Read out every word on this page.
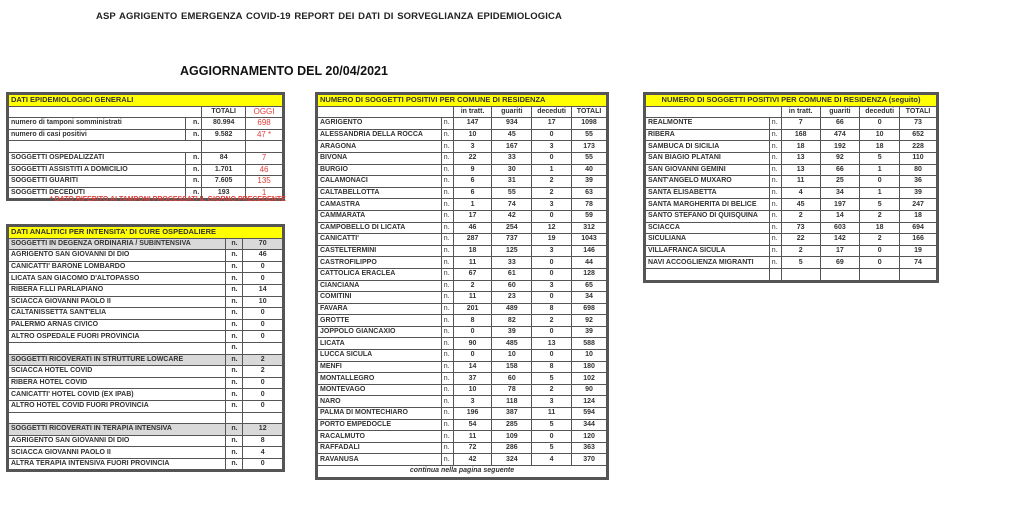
ASP AGRIGENTO EMERGENZA COVID-19 REPORT DEI DATI DI SORVEGLIANZA EPIDEMIOLOGICA
AGGIORNAMENTO DEL 20/04/2021
DATI EPIDEMIOLOGICI GENERALI			
		TOTALI	OGGI
numero di tamponi somministrati	n.	80.994	698
numero di casi positivi	n.	9.582	47 *

SOGGETTI OSPEDALIZZATI	n.	84	7
SOGGETTI ASSISTITI A DOMICILIO	n.	1.701	46
SOGGETTI GUARITI	n.	7.605	135
SOGGETTI DECEDUTI	n.	193	1
* DATO RIFERITO AI TAMPONI PROCESSATI IL GIORNO PRECEDENTE
DATI ANALITICI PER INTENSITA' DI CURE OSPEDALIERE		
SOGGETTI IN DEGENZA ORDINARIA / SUBINTENSIVA	n.	70
AGRIGENTO SAN GIOVANNI DI DIO	n.	46
CANICATTI' BARONE LOMBARDO	n.	0
LICATA SAN GIACOMO D'ALTOPASSO	n.	0
RIBERA F.LLI PARLAPIANO	n.	14
SCIACCA GIOVANNI PAOLO II	n.	10
CALTANISSETTA SANT'ELIA	n.	0
PALERMO ARNAS CIVICO	n.	0
ALTRO OSPEDALE FUORI PROVINCIA	n.	0
	n.	
SOGGETTI RICOVERATI IN STRUTTURE LOWCARE	n.	2
SCIACCA HOTEL COVID	n.	2
RIBERA HOTEL COVID	n.	0
CANICATTI' HOTEL COVID (EX IPAB)	n.	0
ALTRO HOTEL COVID FUORI PROVINCIA	n.	0

SOGGETTI RICOVERATI IN TERAPIA INTENSIVA	n.	12
AGRIGENTO SAN GIOVANNI DI DIO	n.	8
SCIACCA GIOVANNI PAOLO II	n.	4
ALTRA TERAPIA INTENSIVA FUORI PROVINCIA	n.	0
NUMERO DI SOGGETTI POSITIVI PER COMUNE DI RESIDENZA					
		in tratt.	guariti	deceduti	TOTALI
AGRIGENTO	n.	147	934	17	1098
ALESSANDRIA DELLA ROCCA	n.	10	45	0	55
ARAGONA	n.	3	167	3	173
BIVONA	n.	22	33	0	55
BURGIO	n.	9	30	1	40
CALAMONACI	n.	6	31	2	39
CALTABELLOTTA	n.	6	55	2	63
CAMASTRA	n.	1	74	3	78
CAMMARATA	n.	17	42	0	59
CAMPOBELLO DI LICATA	n.	46	254	12	312
CANICATTI'	n.	287	737	19	1043
CASTELTERMINI	n.	18	125	3	146
CASTROFILIPPO	n.	11	33	0	44
CATTOLICA ERACLEA	n.	67	61	0	128
CIANCIANA	n.	2	60	3	65
COMITINI	n.	11	23	0	34
FAVARA	n.	201	489	8	698
GROTTE	n.	8	82	2	92
JOPPOLO GIANCAXIO	n.	0	39	0	39
LICATA	n.	90	485	13	588
LUCCA SICULA	n.	0	10	0	10
MENFI	n.	14	158	8	180
MONTALLEGRO	n.	37	60	5	102
MONTEVAGO	n.	10	78	2	90
NARO	n.	3	118	3	124
PALMA DI MONTECHIARO	n.	196	387	11	594
PORTO EMPEDOCLE	n.	54	285	5	344
RACALMUTO	n.	11	109	0	120
RAFFADALI	n.	72	286	5	363
RAVANUSA	n.	42	324	4	370
continua nella pagina seguente					
NUMERO DI SOGGETTI POSITIVI PER COMUNE DI RESIDENZA (seguito)					
		in tratt.	guariti	deceduti	TOTALI
REALMONTE	n.	7	66	0	73
RIBERA	n.	168	474	10	652
SAMBUCA DI SICILIA	n.	18	192	18	228
SAN BIAGIO PLATANI	n.	13	92	5	110
SAN GIOVANNI GEMINI	n.	13	66	1	80
SANT'ANGELO MUXARO	n.	11	25	0	36
SANTA ELISABETTA	n.	4	34	1	39
SANTA MARGHERITA DI BELICE	n.	45	197	5	247
SANTO STEFANO DI QUISQUINA	n.	2	14	2	18
SCIACCA	n.	73	603	18	694
SICULIANA	n.	22	142	2	166
VILLAFRANCA SICULA	n.	2	17	0	19
NAVI ACCOGLIENZA MIGRANTI	n.	5	69	0	74
